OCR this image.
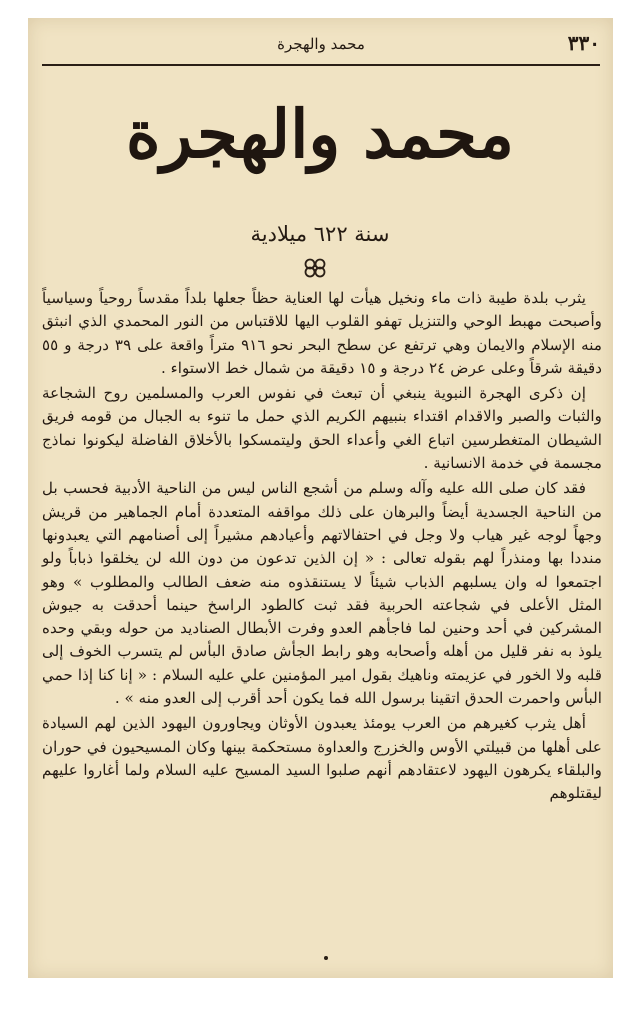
٣٣٠
محمد والهجرة
محمد والهجرة
سنة ٦٢٢ ميلادية

يثرب بلدة طيبة ذات ماء ونخيل هيأت لها العناية حظاً جعلها بلداً مقدساً روحياً وسياسياً وأصبحت مهبط الوحي والتنزيل تهفو القلوب اليها للاقتباس من النور المحمدي الذي انبثق منه الإسلام والايمان وهي ترتفع عن سطح البحر نحو ٩١٦ متراً واقعة على ٣٩ درجة و ٥٥ دقيقة شرقاً وعلى عرض ٢٤ درجة و ١٥ دقيقة من شمال خط الاستواء .

إن ذكرى الهجرة النبوية ينبغي أن تبعث في نفوس العرب والمسلمين روح الشجاعة والثبات والصبر والاقدام اقتداء بنبيهم الكريم الذي حمل ما تنوء به الجبال من قومه فريق الشيطان المتغطرسين اتباع الغي وأعداء الحق وليتمسكوا بالأخلاق الفاضلة ليكونوا نماذج مجسمة في خدمة الانسانية .

فقد كان صلى الله عليه وآله وسلم من أشجع الناس ليس من الناحية الأدبية فحسب بل من الناحية الجسدية أيضاً والبرهان على ذلك مواقفه المتعددة أمام الجماهير من قريش وجهاً لوجه غير هياب ولا وجل في احتفالاتهم وأعيادهم مشيراً إلى أصنامهم التي يعبدونها منددا بها ومنذراً لهم بقوله تعالى : « إن الذين تدعون من دون الله لن يخلقوا ذباباً ولو اجتمعوا له وان يسلبهم الذباب شيئاً لا يستنقذوه منه ضعف الطالب والمطلوب » وهو المثل الأعلى في شجاعته الحربية فقد ثبت كالطود الراسخ حينما أحدقت به جيوش المشركين في أحد وحنين لما فاجأهم العدو وفرت الأبطال الصناديد من حوله وبقي وحده يلوذ به نفر قليل من أهله وأصحابه وهو رابط الجأش صادق البأس لم يتسرب الخوف إلى قلبه ولا الخور في عزيمته وناهيك بقول امير المؤمنين علي عليه السلام : « إنا كنا إذا حمي البأس واحمرت الحدق اتقينا برسول الله فما يكون أحد أقرب إلى العدو منه » .

أهل يثرب كغيرهم من العرب يومئذ يعبدون الأوثان ويجاورون اليهود الذين لهم السيادة على أهلها من قبيلتي الأوس والخزرج والعداوة مستحكمة بينها وكان المسيحيون في حوران والبلقاء يكرهون اليهود لاعتقادهم أنهم صلبوا السيد المسيح عليه السلام ولما أغاروا عليهم ليقتلوهم
